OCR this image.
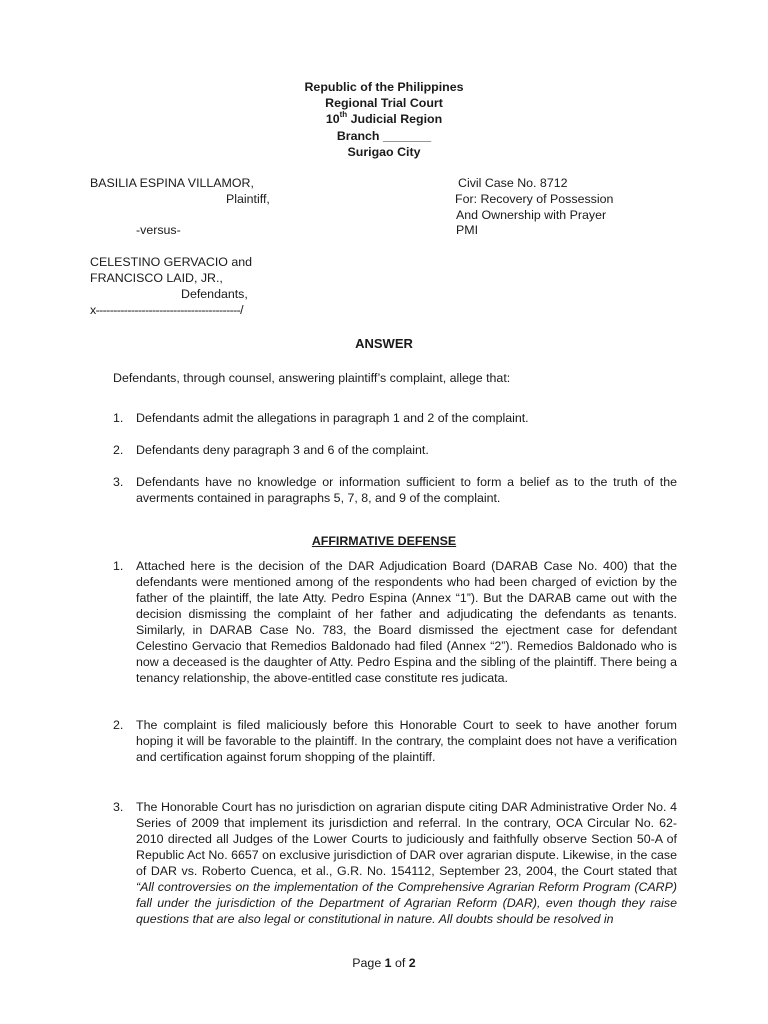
Republic of the Philippines
Regional Trial Court
10th Judicial Region
Branch _______
Surigao City
BASILIA ESPINA VILLAMOR,
Plaintiff,
-versus-
CELESTINO GERVACIO and
FRANCISCO LAID, JR.,
Defendants,
x-----------------------------------------/
Civil Case No. 8712
For: Recovery of Possession
And Ownership with Prayer
PMI
ANSWER
Defendants, through counsel, answering plaintiff’s complaint, allege that:
1. Defendants admit the allegations in paragraph 1 and 2 of the complaint.
2. Defendants deny paragraph 3 and 6 of the complaint.
3. Defendants have no knowledge or information sufficient to form a belief as to the truth of the averments contained in paragraphs 5, 7, 8, and 9 of the complaint.
AFFIRMATIVE DEFENSE
1. Attached here is the decision of the DAR Adjudication Board (DARAB Case No. 400) that the defendants were mentioned among of the respondents who had been charged of eviction by the father of the plaintiff, the late Atty. Pedro Espina (Annex “1”). But the DARAB came out with the decision dismissing the complaint of her father and adjudicating the defendants as tenants. Similarly, in DARAB Case No. 783, the Board dismissed the ejectment case for defendant Celestino Gervacio that Remedios Baldonado had filed (Annex “2”). Remedios Baldonado who is now a deceased is the daughter of Atty. Pedro Espina and the sibling of the plaintiff. There being a tenancy relationship, the above-entitled case constitute res judicata.
2. The complaint is filed maliciously before this Honorable Court to seek to have another forum hoping it will be favorable to the plaintiff. In the contrary, the complaint does not have a verification and certification against forum shopping of the plaintiff.
3. The Honorable Court has no jurisdiction on agrarian dispute citing DAR Administrative Order No. 4 Series of 2009 that implement its jurisdiction and referral. In the contrary, OCA Circular No. 62-2010 directed all Judges of the Lower Courts to judiciously and faithfully observe Section 50-A of Republic Act No. 6657 on exclusive jurisdiction of DAR over agrarian dispute. Likewise, in the case of DAR vs. Roberto Cuenca, et al., G.R. No. 154112, September 23, 2004, the Court stated that “All controversies on the implementation of the Comprehensive Agrarian Reform Program (CARP) fall under the jurisdiction of the Department of Agrarian Reform (DAR), even though they raise questions that are also legal or constitutional in nature. All doubts should be resolved in
Page 1 of 2
